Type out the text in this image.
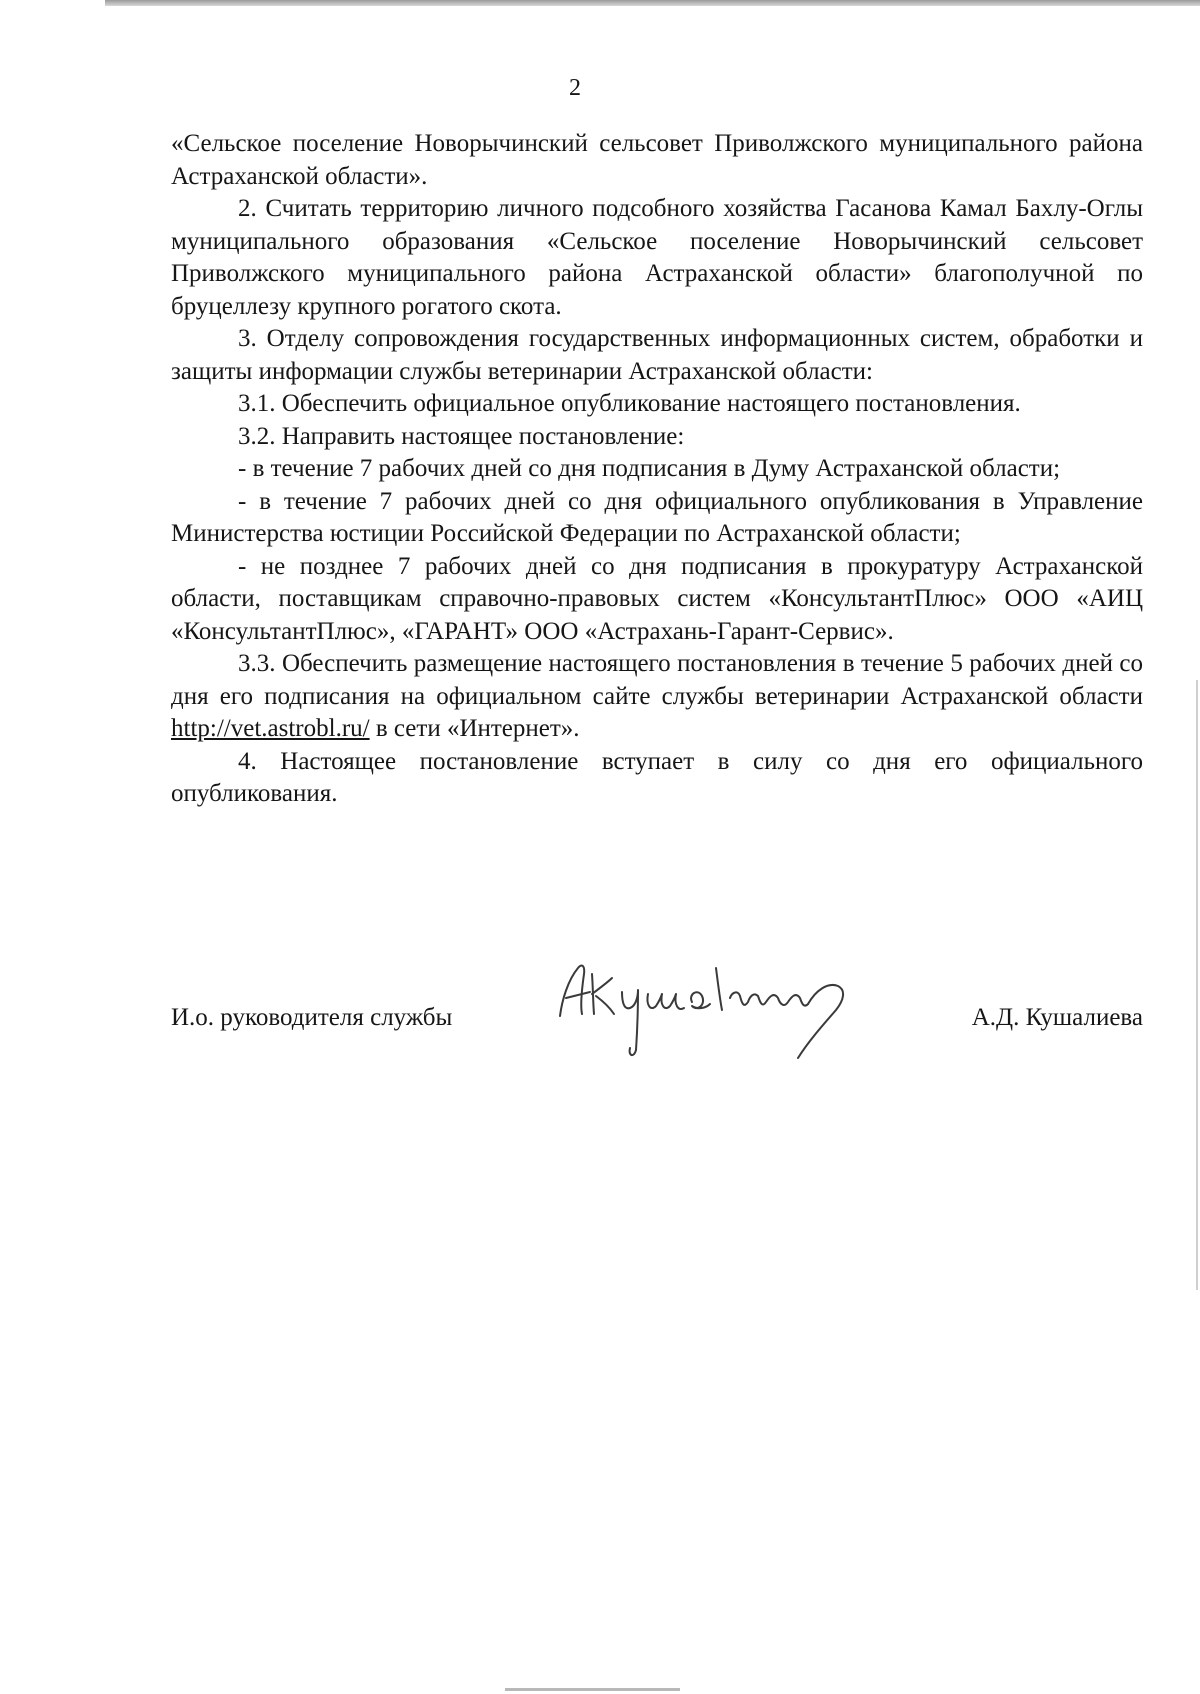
2

«Сельское поселение Новорычинский сельсовет Приволжского муниципального района Астраханской области».

2. Считать территорию личного подсобного хозяйства Гасанова Камал Бахлу-Оглы муниципального образования «Сельское поселение Новорычинский сельсовет Приволжского муниципального района Астраханской области» благополучной по бруцеллезу крупного рогатого скота.

3. Отделу сопровождения государственных информационных систем, обработки и защиты информации службы ветеринарии Астраханской области:

3.1. Обеспечить официальное опубликование настоящего постановления.

3.2. Направить настоящее постановление:

- в течение 7 рабочих дней со дня подписания в Думу Астраханской области;

- в течение 7 рабочих дней со дня официального опубликования в Управление Министерства юстиции Российской Федерации по Астраханской области;

- не позднее 7 рабочих дней со дня подписания в прокуратуру Астраханской области, поставщикам справочно-правовых систем «КонсультантПлюс» ООО «АИЦ «КонсультантПлюс», «ГАРАНТ» ООО «Астрахань-Гарант-Сервис».

3.3. Обеспечить размещение настоящего постановления в течение 5 рабочих дней со дня его подписания на официальном сайте службы ветеринарии Астраханской области http://vet.astrobl.ru/ в сети «Интернет».

4. Настоящее постановление вступает в силу со дня его официального опубликования.

И.о. руководителя службы	А.Д. Кушалиева
